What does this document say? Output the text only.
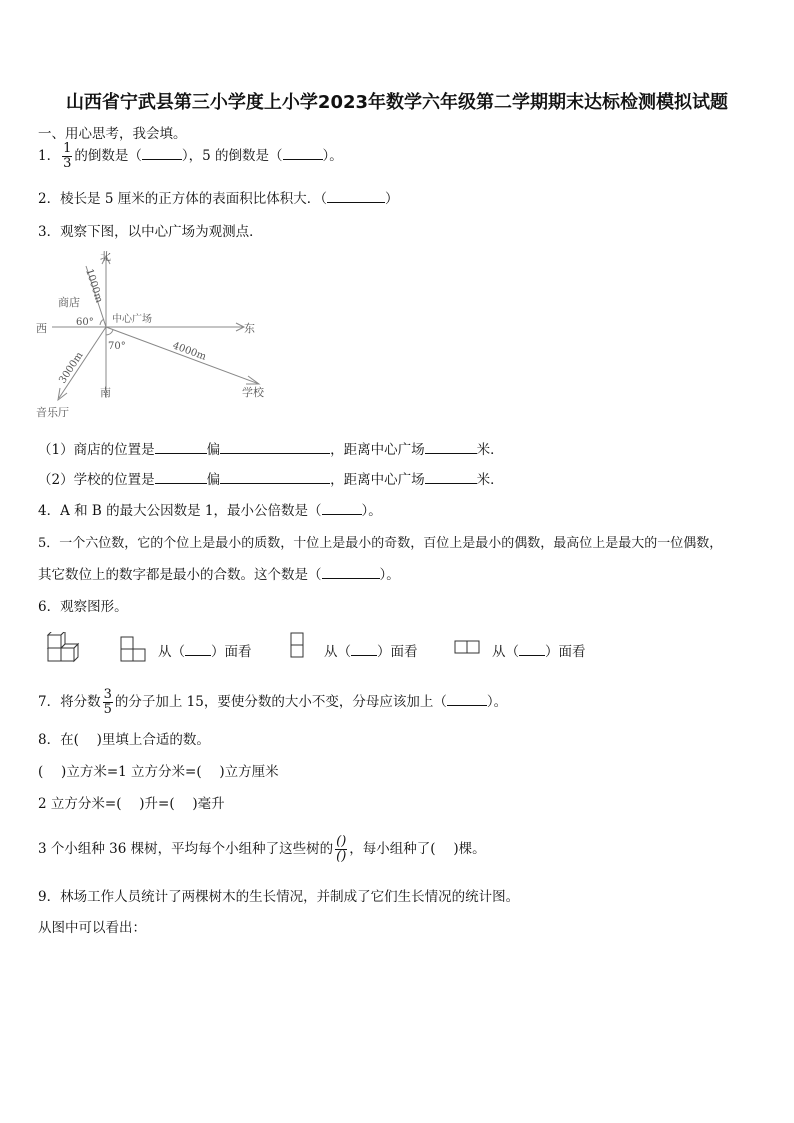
山西省宁武县第三小学度上小学2023年数学六年级第二学期期末达标检测模拟试题
一、用心思考，我会填。
1． $\frac{1}{3}$ 的倒数是（	），5 的倒数是（	）。
2．棱长是 5 厘米的正方体的表面积比体积大．（	）
3．观察下图，以中心广场为观测点．
北
南
东
西
中心广场
商店
学校
音乐厅
60°
70°
1000m
4000m
3000m
（1）商店的位置是	偏	，距离中心广场	米．
（2）学校的位置是	偏	，距离中心广场	米．
4．A 和 B 的最大公因数是 1，最小公倍数是（	）。
5．一个六位数，它的个位上是最小的质数，十位上是最小的奇数，百位上是最小的偶数，最高位上是最大的一位偶数，
其它数位上的数字都是最小的合数。这个数是（	）。
6．观察图形。
从（ ）面看	从（ ）面看	从（ ）面看
7．将分数 $\frac{3}{5}$ 的分子加上 15，要使分数的大小不变，分母应该加上（	）。
8．在(　 )里填上合适的数。
(　 )立方米=1 立方分米=(　 )立方厘米
2 立方分米=(　 )升=(　 )毫升
3 个小组种 36 棵树，平均每个小组种了这些树的 $\frac{()}{()}$ ，每小组种了(　 )棵。
9．林场工作人员统计了两棵树木的生长情况，并制成了它们生长情况的统计图。
从图中可以看出：
